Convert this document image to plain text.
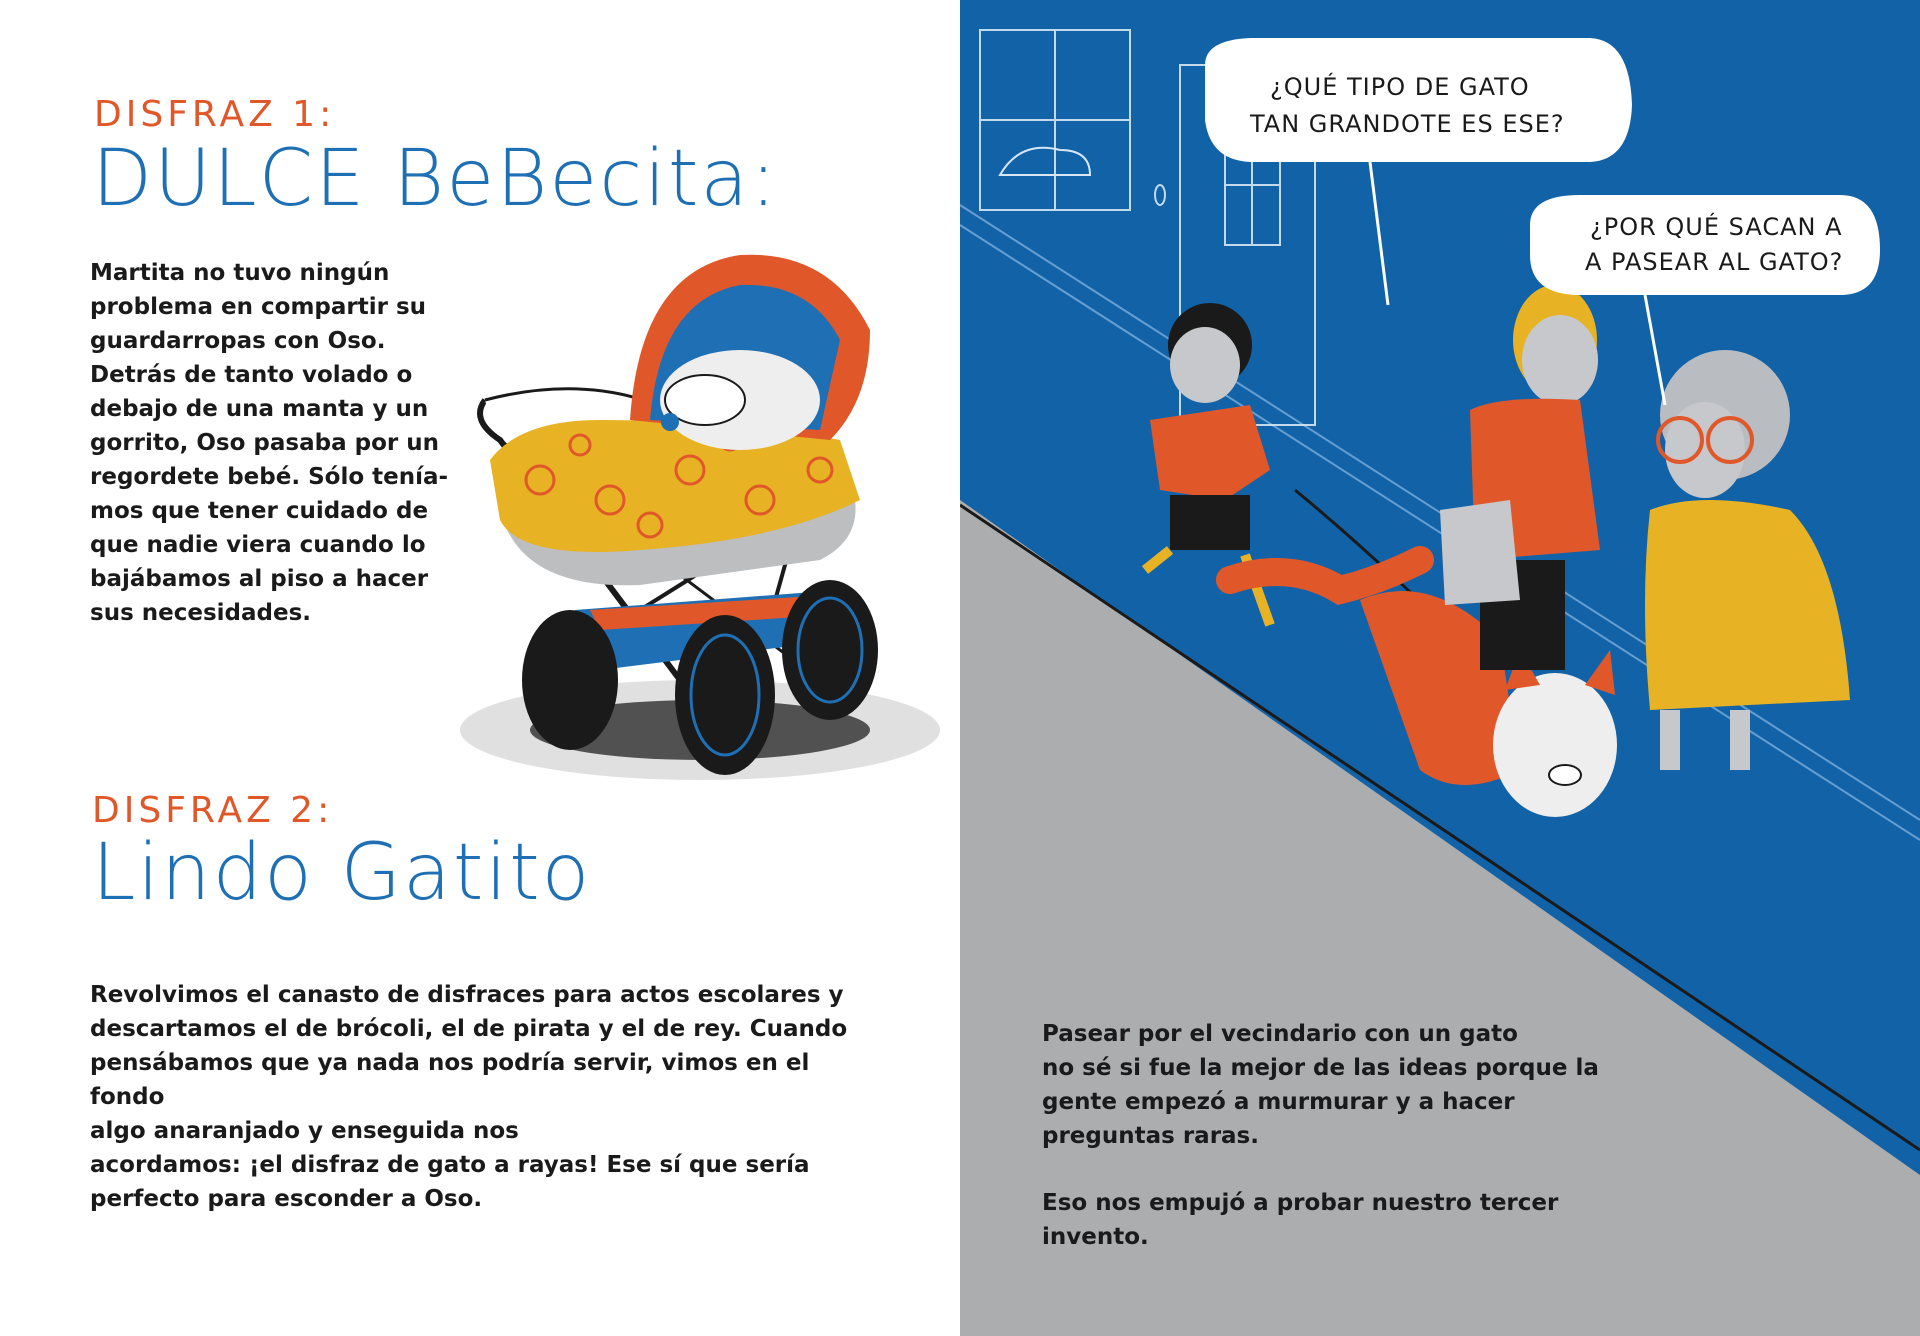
DISFRAZ 1:
DULCE BeBecita:
Martita no tuvo ningún
problema en compartir su
guardarropas con Oso.
Detrás de tanto volado o
debajo de una manta y un
gorrito, Oso pasaba por un
regordete bebé. Sólo tenía-
mos que tener cuidado de
que nadie viera cuando lo
bajábamos al piso a hacer
sus necesidades.
DISFRAZ 2:
Lindo Gatito
Revolvimos el canasto de disfraces para actos escolares y
descartamos el de brócoli, el de pirata y el de rey. Cuando
pensábamos que ya nada nos podría servir, vimos en el fondo
algo anaranjado y enseguida nos
acordamos: ¡el disfraz de gato a rayas! Ese sí que sería
perfecto para esconder a Oso.
¿QUÉ TIPO DE GATO
TAN GRANDOTE ES ESE?
¿POR QUÉ SACAN A
A PASEAR AL GATO?
Pasear por el vecindario con un gato
no sé si fue la mejor de las ideas porque la
gente empezó a murmurar y a hacer
preguntas raras.
Eso nos empujó a probar nuestro tercer invento.
